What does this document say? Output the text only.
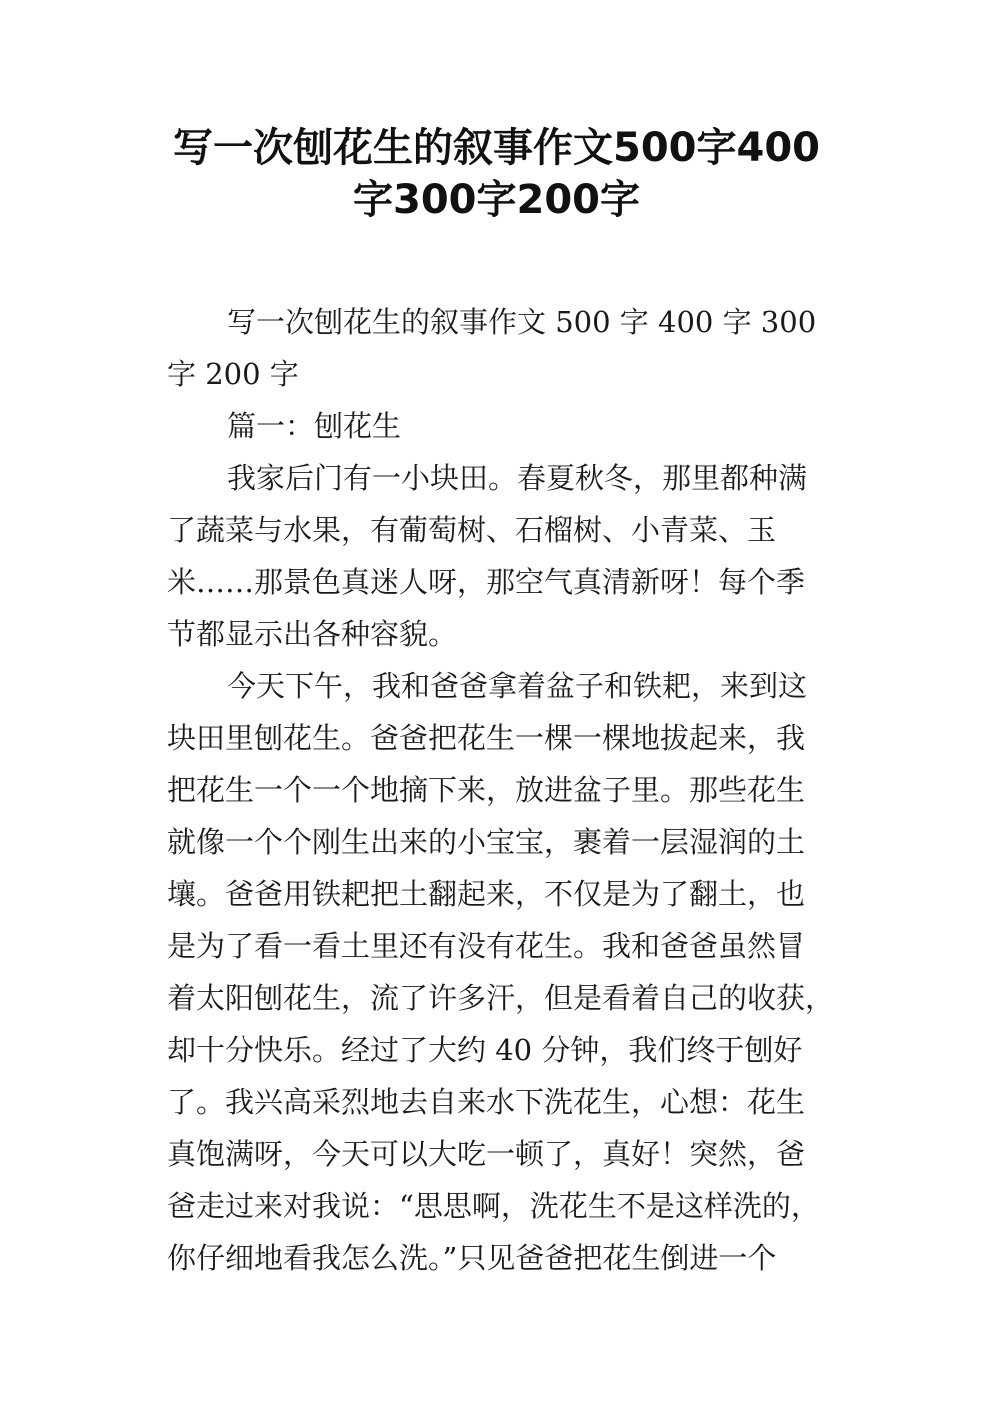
写一次刨花生的叙事作文500字400
字300字200字
写一次刨花生的叙事作文 500 字 400 字 300
字 200 字
篇一：刨花生
我家后门有一小块田。春夏秋冬，那里都种满
了蔬菜与水果，有葡萄树、石榴树、小青菜、玉
米……那景色真迷人呀，那空气真清新呀！每个季
节都显示出各种容貌。
今天下午，我和爸爸拿着盆子和铁耙，来到这
块田里刨花生。爸爸把花生一棵一棵地拔起来，我
把花生一个一个地摘下来，放进盆子里。那些花生
就像一个个刚生出来的小宝宝，裹着一层湿润的土
壤。爸爸用铁耙把土翻起来，不仅是为了翻土，也
是为了看一看土里还有没有花生。我和爸爸虽然冒
着太阳刨花生，流了许多汗，但是看着自己的收获，
却十分快乐。经过了大约 40 分钟，我们终于刨好
了。我兴高采烈地去自来水下洗花生，心想：花生
真饱满呀，今天可以大吃一顿了，真好！突然，爸
爸走过来对我说：“思思啊，洗花生不是这样洗的，
你仔细地看我怎么洗。”只见爸爸把花生倒进一个
